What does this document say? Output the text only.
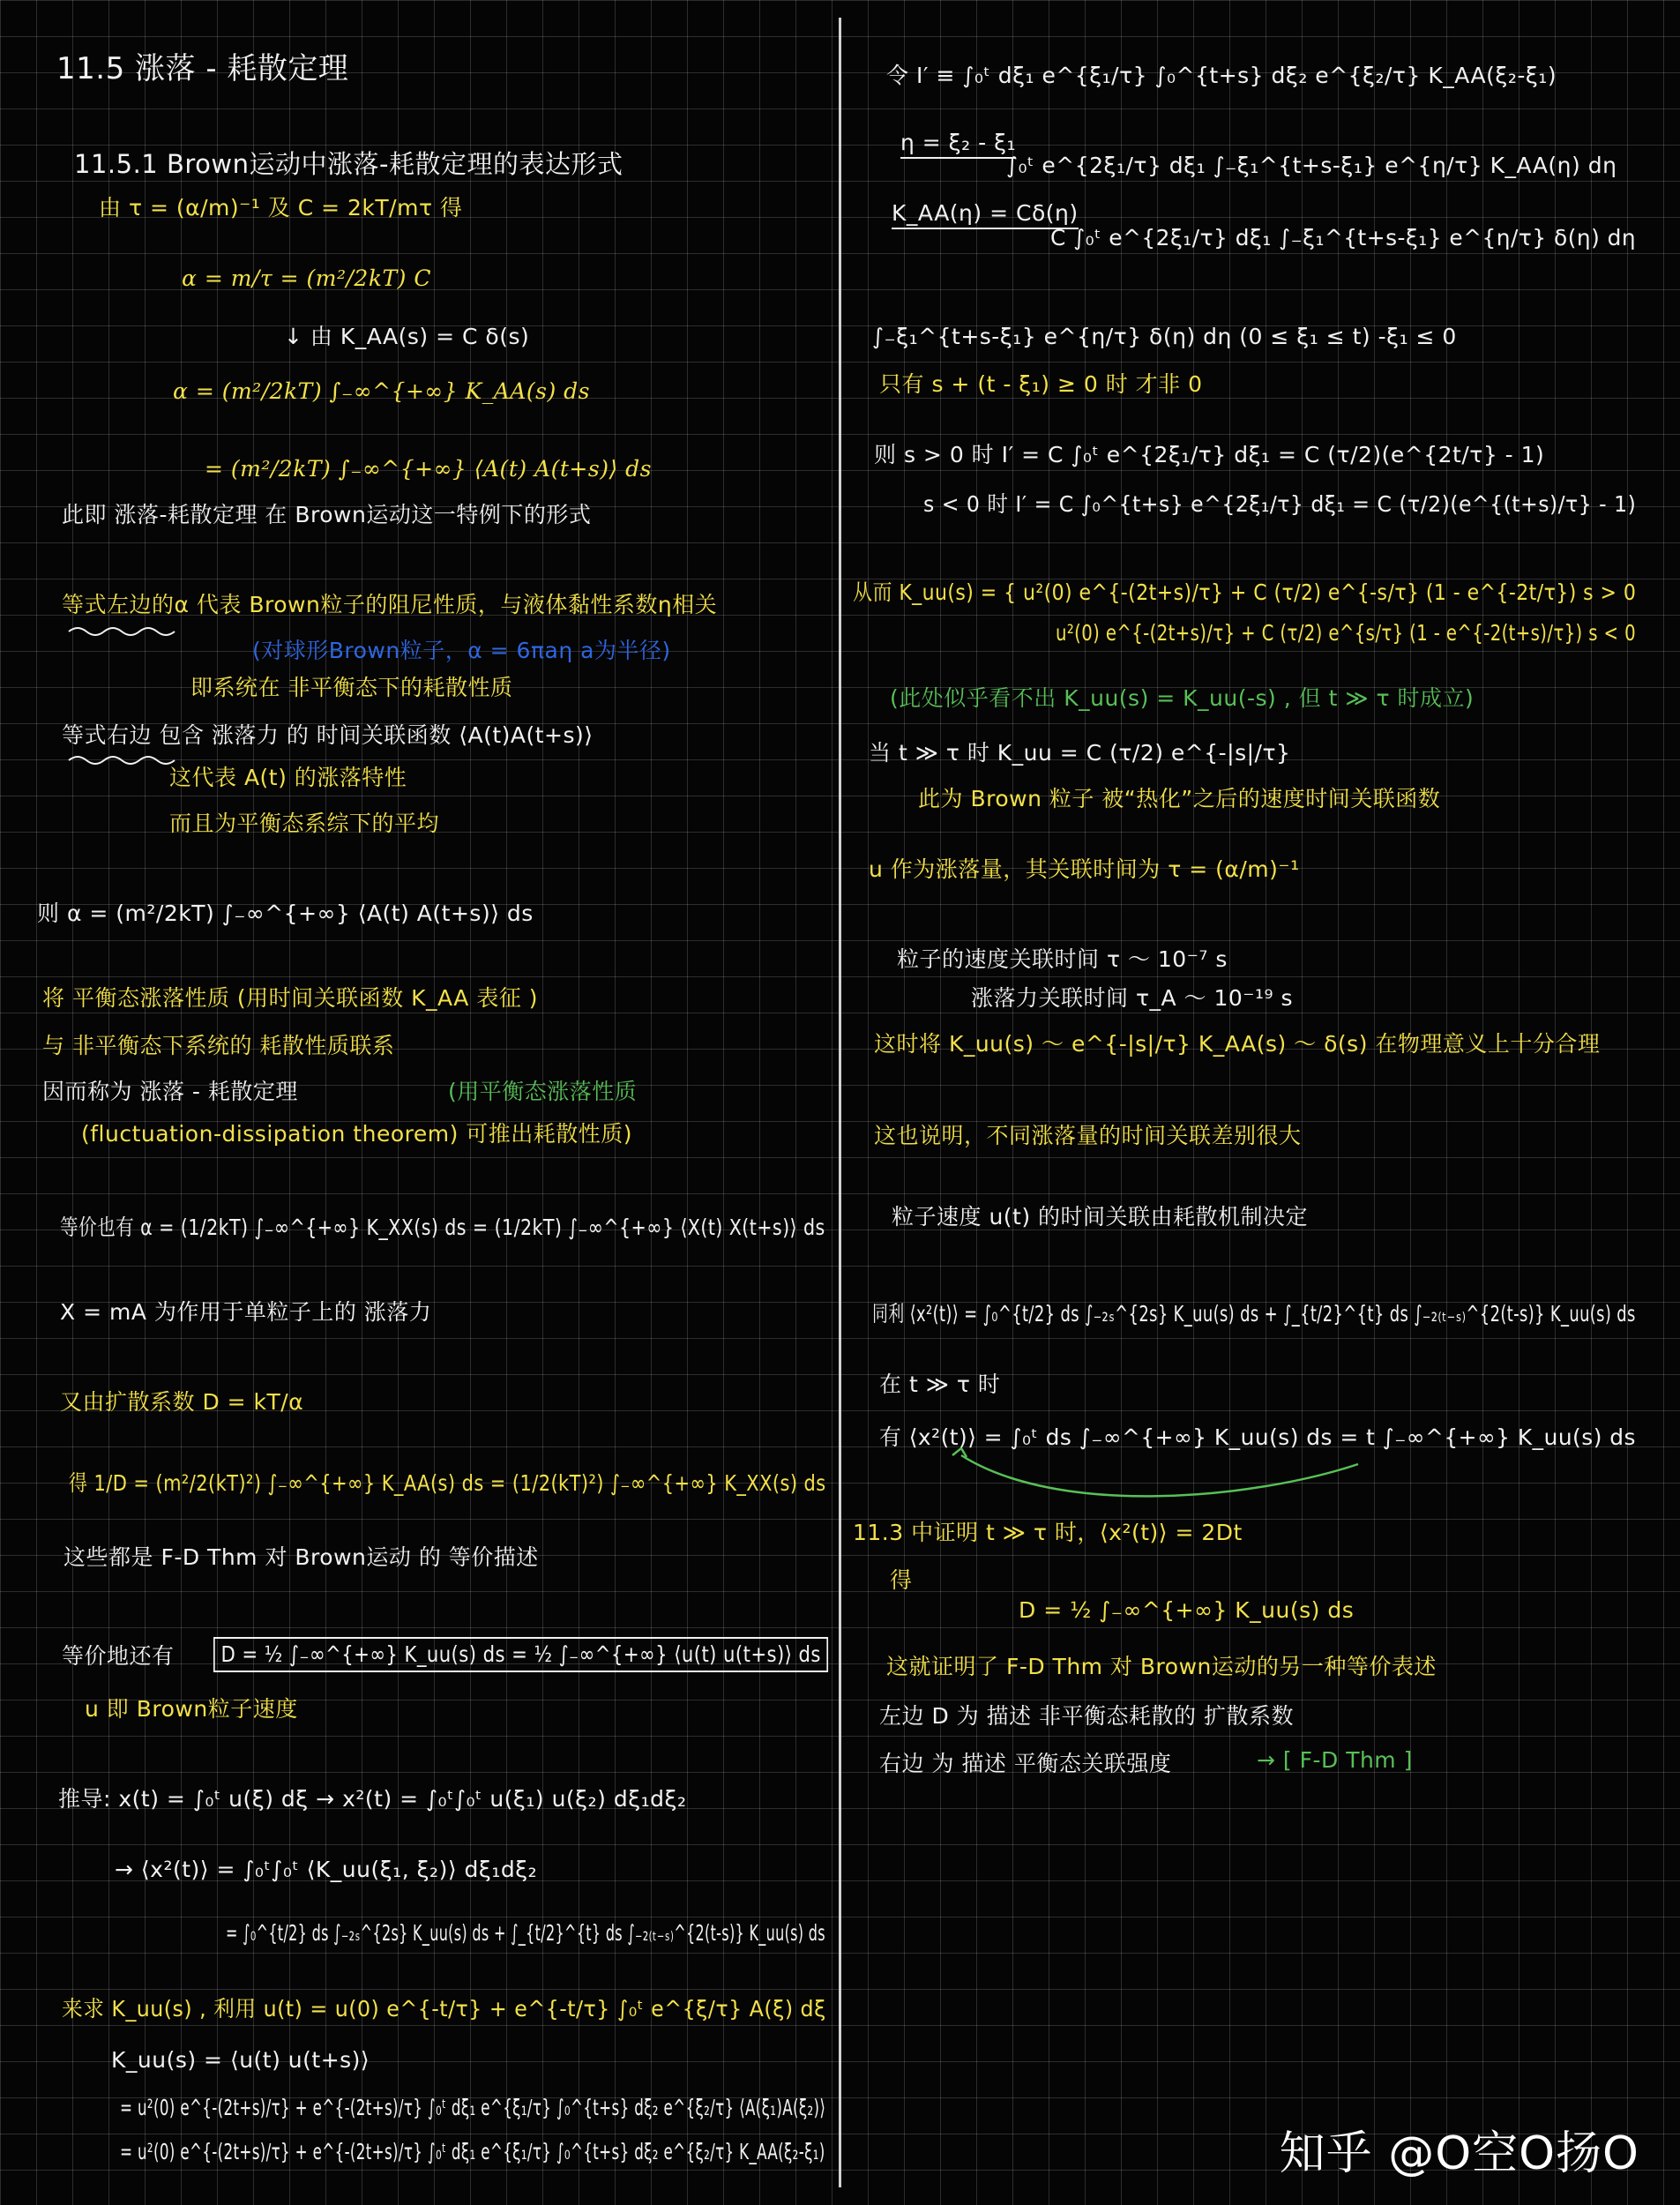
11.5 涨落 - 耗散定理
11.5.1 Brown运动中涨落-耗散定理的表达形式
由 τ = (α/m)⁻¹ 及 C = 2kT/mτ 得
α = m/τ = (m²/2kT) C
↓ 由 K_AA(s) = C δ(s)
α = (m²/2kT) ∫₋∞^{+∞} K_AA(s) ds
= (m²/2kT) ∫₋∞^{+∞} ⟨A(t) A(t+s)⟩ ds
此即 涨落-耗散定理 在 Brown运动这一特例下的形式
等式左边的α 代表 Brown粒子的阻尼性质，与液体黏性系数η相关
(对球形Brown粒子，α = 6πaη a为半径)
即系统在 非平衡态下的耗散性质
等式右边 包含 涨落力 的 时间关联函数 ⟨A(t)A(t+s)⟩
这代表 A(t) 的涨落特性
而且为平衡态系综下的平均
则 α = (m²/2kT) ∫₋∞^{+∞} ⟨A(t) A(t+s)⟩ ds
将 平衡态涨落性质 (用时间关联函数 K_AA 表征 )
与 非平衡态下系统的 耗散性质联系
因而称为 涨落 - 耗散定理	(用平衡态涨落性质
(fluctuation-dissipation theorem) 可推出耗散性质)
等价也有 α = (1/2kT) ∫₋∞^{+∞} K_XX(s) ds = (1/2kT) ∫₋∞^{+∞} ⟨X(t) X(t+s)⟩ ds
X = mA 为作用于单粒子上的 涨落力
又由扩散系数 D = kT/α
得 1/D = (m²/2(kT)²) ∫₋∞^{+∞} K_AA(s) ds = (1/2(kT)²) ∫₋∞^{+∞} K_XX(s) ds
这些都是 F-D Thm 对 Brown运动 的 等价描述
等价地还有	D = ½ ∫₋∞^{+∞} K_uu(s) ds = ½ ∫₋∞^{+∞} ⟨u(t) u(t+s)⟩ ds
u 即 Brown粒子速度
推导: x(t) = ∫₀ᵗ u(ξ) dξ → x²(t) = ∫₀ᵗ∫₀ᵗ u(ξ₁) u(ξ₂) dξ₁dξ₂
→ ⟨x²(t)⟩ = ∫₀ᵗ∫₀ᵗ ⟨K_uu(ξ₁, ξ₂)⟩ dξ₁dξ₂
= ∫₀^{t/2} ds ∫₋₂ₛ^{2s} K_uu(s) ds + ∫_{t/2}^{t} ds ∫₋₂₍ₜ₋ₛ₎^{2(t-s)} K_uu(s) ds
来求 K_uu(s) , 利用 u(t) = u(0) e^{-t/τ} + e^{-t/τ} ∫₀ᵗ e^{ξ/τ} A(ξ) dξ
K_uu(s) = ⟨u(t) u(t+s)⟩
= u²(0) e^{-(2t+s)/τ} + e^{-(2t+s)/τ} ∫₀ᵗ dξ₁ e^{ξ₁/τ} ∫₀^{t+s} dξ₂ e^{ξ₂/τ} ⟨A(ξ₁)A(ξ₂)⟩
= u²(0) e^{-(2t+s)/τ} + e^{-(2t+s)/τ} ∫₀ᵗ dξ₁ e^{ξ₁/τ} ∫₀^{t+s} dξ₂ e^{ξ₂/τ} K_AA(ξ₂-ξ₁)
令 I′ ≡ ∫₀ᵗ dξ₁ e^{ξ₁/τ} ∫₀^{t+s} dξ₂ e^{ξ₂/τ} K_AA(ξ₂-ξ₁)
η = ξ₂ - ξ₁
∫₀ᵗ e^{2ξ₁/τ} dξ₁ ∫₋ξ₁^{t+s-ξ₁} e^{η/τ} K_AA(η) dη
K_AA(η) = Cδ(η)
C ∫₀ᵗ e^{2ξ₁/τ} dξ₁ ∫₋ξ₁^{t+s-ξ₁} e^{η/τ} δ(η) dη
∫₋ξ₁^{t+s-ξ₁} e^{η/τ} δ(η) dη (0 ≤ ξ₁ ≤ t) -ξ₁ ≤ 0
只有 s + (t - ξ₁) ≥ 0 时 才非 0
则 s > 0 时 I′ = C ∫₀ᵗ e^{2ξ₁/τ} dξ₁ = C (τ/2)(e^{2t/τ} - 1)
s < 0 时 I′ = C ∫₀^{t+s} e^{2ξ₁/τ} dξ₁ = C (τ/2)(e^{(t+s)/τ} - 1)
从而 K_uu(s) = { u²(0) e^{-(2t+s)/τ} + C (τ/2) e^{-s/τ} (1 - e^{-2t/τ}) s > 0
u²(0) e^{-(2t+s)/τ} + C (τ/2) e^{s/τ} (1 - e^{-2(t+s)/τ}) s < 0
(此处似乎看不出 K_uu(s) = K_uu(-s) , 但 t ≫ τ 时成立)
当 t ≫ τ 时 K_uu = C (τ/2) e^{-|s|/τ}
此为 Brown 粒子 被“热化”之后的速度时间关联函数
u 作为涨落量，其关联时间为 τ = (α/m)⁻¹
粒子的速度关联时间 τ ～ 10⁻⁷ s
涨落力关联时间 τ_A ～ 10⁻¹⁹ s
这时将 K_uu(s) ～ e^{-|s|/τ} K_AA(s) ～ δ(s) 在物理意义上十分合理
这也说明，不同涨落量的时间关联差别很大
粒子速度 u(t) 的时间关联由耗散机制决定
同利 ⟨x²(t)⟩ = ∫₀^{t/2} ds ∫₋₂ₛ^{2s} K_uu(s) ds + ∫_{t/2}^{t} ds ∫₋₂₍ₜ₋ₛ₎^{2(t-s)} K_uu(s) ds
在 t ≫ τ 时
有 ⟨x²(t)⟩ = ∫₀ᵗ ds ∫₋∞^{+∞} K_uu(s) ds = t ∫₋∞^{+∞} K_uu(s) ds
11.3 中证明 t ≫ τ 时，⟨x²(t)⟩ = 2Dt
得
D = ½ ∫₋∞^{+∞} K_uu(s) ds
这就证明了 F-D Thm 对 Brown运动的另一种等价表述
左边 D 为 描述 非平衡态耗散的 扩散系数
右边 为 描述 平衡态关联强度	→ [ F-D Thm ]
知乎 @O空O扬O
